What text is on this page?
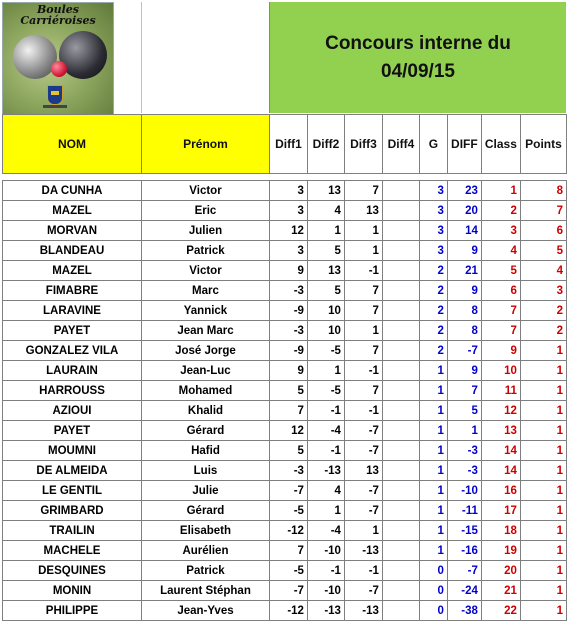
Boules Carriéroises
Concours interne du
04/09/15
NOM	Prénom	Diff1	Diff2	Diff3	Diff4	G	DIFF	Class	Points

DA CUNHA	Victor	3	13	7		3	23	1	8
MAZEL	Eric	3	4	13		3	20	2	7
MORVAN	Julien	12	1	1		3	14	3	6
BLANDEAU	Patrick	3	5	1		3	9	4	5
MAZEL	Victor	9	13	-1		2	21	5	4
FIMABRE	Marc	-3	5	7		2	9	6	3
LARAVINE	Yannick	-9	10	7		2	8	7	2
PAYET	Jean Marc	-3	10	1		2	8	7	2
GONZALEZ VILA	José Jorge	-9	-5	7		2	-7	9	1
LAURAIN	Jean-Luc	9	1	-1		1	9	10	1
HARROUSS	Mohamed	5	-5	7		1	7	11	1
AZIOUI	Khalid	7	-1	-1		1	5	12	1
PAYET	Gérard	12	-4	-7		1	1	13	1
MOUMNI	Hafid	5	-1	-7		1	-3	14	1
DE ALMEIDA	Luis	-3	-13	13		1	-3	14	1
LE GENTIL	Julie	-7	4	-7		1	-10	16	1
GRIMBARD	Gérard	-5	1	-7		1	-11	17	1
TRAILIN	Elisabeth	-12	-4	1		1	-15	18	1
MACHELE	Aurélien	7	-10	-13		1	-16	19	1
DESQUINES	Patrick	-5	-1	-1		0	-7	20	1
MONIN	Laurent Stéphan	-7	-10	-7		0	-24	21	1
PHILIPPE	Jean-Yves	-12	-13	-13		0	-38	22	1
